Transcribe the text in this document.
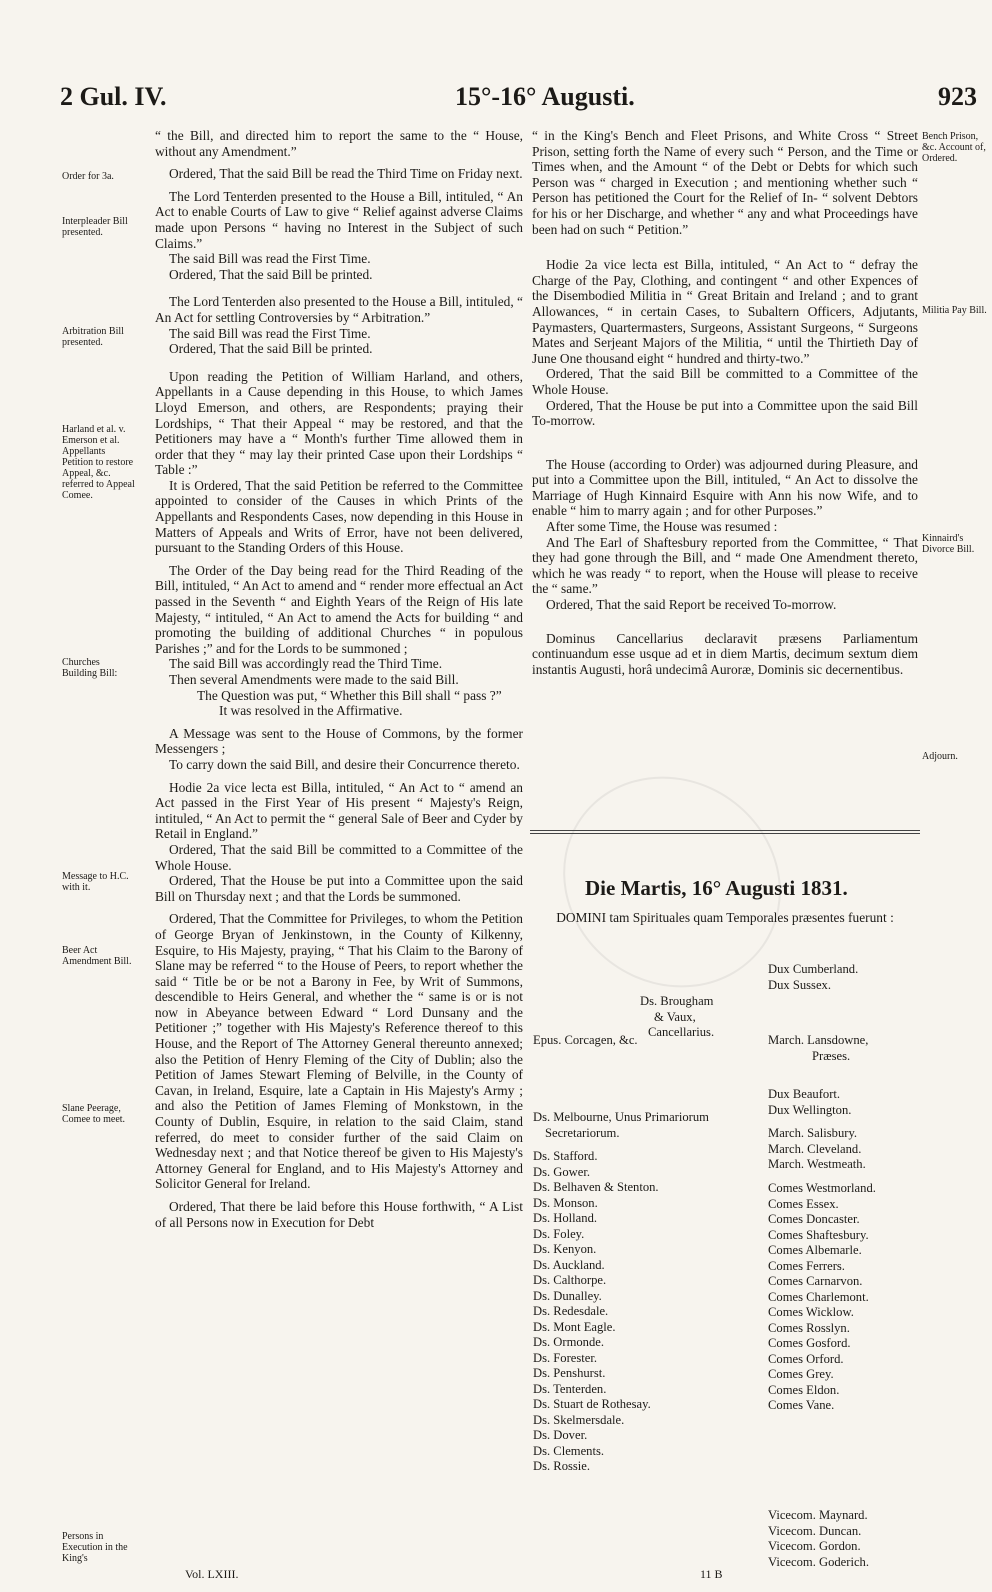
2 Gul. IV.	15°-16° Augusti.	923
Order for 3a.
Interpleader Bill presented.
Arbitration Bill presented.
Harland et al. v. Emerson et al. Appellants Petition to restore Appeal, &c. referred to Appeal Comee.
Churches Building Bill:
Message to H.C. with it.
Beer Act Amendment Bill.
Slane Peerage, Comee to meet.
Persons in Execution in the King's

“ the Bill, and directed him to report the same to the “ House, without any Amendment.”

Ordered, That the said Bill be read the Third Time on Friday next.

The Lord Tenterden presented to the House a Bill, intituled, “ An Act to enable Courts of Law to give “ Relief against adverse Claims made upon Persons “ having no Interest in the Subject of such Claims.”

The said Bill was read the First Time.

Ordered, That the said Bill be printed.

The Lord Tenterden also presented to the House a Bill, intituled, “ An Act for settling Controversies by “ Arbitration.”

The said Bill was read the First Time.

Ordered, That the said Bill be printed.

Upon reading the Petition of William Harland, and others, Appellants in a Cause depending in this House, to which James Lloyd Emerson, and others, are Respondents; praying their Lordships, “ That their Appeal “ may be restored, and that the Petitioners may have a “ Month's further Time allowed them in order that they “ may lay their printed Case upon their Lordships “ Table :”

It is Ordered, That the said Petition be referred to the Committee appointed to consider of the Causes in which Prints of the Appellants and Respondents Cases, now depending in this House in Matters of Appeals and Writs of Error, have not been delivered, pursuant to the Standing Orders of this House.

The Order of the Day being read for the Third Reading of the Bill, intituled, “ An Act to amend and “ render more effectual an Act passed in the Seventh “ and Eighth Years of the Reign of His late Majesty, “ intituled, “ An Act to amend the Acts for building “ and promoting the building of additional Churches “ in populous Parishes ;” and for the Lords to be summoned ;

The said Bill was accordingly read the Third Time.

Then several Amendments were made to the said Bill.

The Question was put, “ Whether this Bill shall “ pass ?”

It was resolved in the Affirmative.

A Message was sent to the House of Commons, by the former Messengers ;

To carry down the said Bill, and desire their Concurrence thereto.

Hodie 2a vice lecta est Billa, intituled, “ An Act to “ amend an Act passed in the First Year of His present “ Majesty's Reign, intituled, “ An Act to permit the “ general Sale of Beer and Cyder by Retail in England.”

Ordered, That the said Bill be committed to a Committee of the Whole House.

Ordered, That the House be put into a Committee upon the said Bill on Thursday next ; and that the Lords be summoned.

Ordered, That the Committee for Privileges, to whom the Petition of George Bryan of Jenkinstown, in the County of Kilkenny, Esquire, to His Majesty, praying, “ That his Claim to the Barony of Slane may be referred “ to the House of Peers, to report whether the said “ Title be or be not a Barony in Fee, by Writ of Summons, descendible to Heirs General, and whether the “ same is or is not now in Abeyance between Edward “ Lord Dunsany and the Petitioner ;” together with His Majesty's Reference thereof to this House, and the Report of The Attorney General thereunto annexed; also the Petition of Henry Fleming of the City of Dublin; also the Petition of James Stewart Fleming of Belville, in the County of Cavan, in Ireland, Esquire, late a Captain in His Majesty's Army ; and also the Petition of James Fleming of Monkstown, in the County of Dublin, Esquire, in relation to the said Claim, stand referred, do meet to consider further of the said Claim on Wednesday next ; and that Notice thereof be given to His Majesty's Attorney General for England, and to His Majesty's Attorney and Solicitor General for Ireland.

Ordered, That there be laid before this House forthwith, “ A List of all Persons now in Execution for Debt

Bench Prison, &c. Account of, Ordered.
Militia Pay Bill.
Kinnaird's Divorce Bill.
Adjourn.

“ in the King's Bench and Fleet Prisons, and White Cross “ Street Prison, setting forth the Name of every such “ Person, and the Time or Times when, and the Amount “ of the Debt or Debts for which such Person was “ charged in Execution ; and mentioning whether such “ Person has petitioned the Court for the Relief of In- “ solvent Debtors for his or her Discharge, and whether “ any and what Proceedings have been had on such “ Petition.”

Hodie 2a vice lecta est Billa, intituled, “ An Act to “ defray the Charge of the Pay, Clothing, and contingent “ and other Expences of the Disembodied Militia in “ Great Britain and Ireland ; and to grant Allowances, “ in certain Cases, to Subaltern Officers, Adjutants, Paymasters, Quartermasters, Surgeons, Assistant Surgeons, “ Surgeons Mates and Serjeant Majors of the Militia, “ until the Thirtieth Day of June One thousand eight “ hundred and thirty-two.”

Ordered, That the said Bill be committed to a Committee of the Whole House.

Ordered, That the House be put into a Committee upon the said Bill To-morrow.

The House (according to Order) was adjourned during Pleasure, and put into a Committee upon the Bill, intituled, “ An Act to dissolve the Marriage of Hugh Kinnaird Esquire with Ann his now Wife, and to enable “ him to marry again ; and for other Purposes.”

After some Time, the House was resumed :

And The Earl of Shaftesbury reported from the Committee, “ That they had gone through the Bill, and “ made One Amendment thereto, which he was ready “ to report, when the House will please to receive the “ same.”

Ordered, That the said Report be received To-morrow.

Dominus Cancellarius declaravit præsens Parliamentum continuandum esse usque ad et in diem Martis, decimum sextum diem instantis Augusti, horâ undecimâ Auroræ, Dominis sic decernentibus.

Die Martis, 16° Augusti 1831.
DOMINI tam Spirituales quam Temporales præsentes fuerunt :
Dux Cumberland.
Dux Sussex.
Ds. Brougham
& Vaux,
Cancellarius.
Epus. Corcagen, &c.	March. Lansdowne,
Præses.
Dux Beaufort.
Dux Wellington.
Ds. Melbourne, Unus Primariorum
Secretariorum.	March. Salisbury.
March. Cleveland.
March. Westmeath.
Ds. Stafford.
Ds. Gower.
Ds. Belhaven & Stenton.
Ds. Monson.
Ds. Holland.
Ds. Foley.
Ds. Kenyon.
Ds. Auckland.
Ds. Calthorpe.
Ds. Dunalley.
Ds. Redesdale.
Ds. Mont Eagle.
Ds. Ormonde.
Ds. Forester.
Ds. Penshurst.
Ds. Tenterden.
Ds. Stuart de Rothesay.
Ds. Skelmersdale.
Ds. Dover.
Ds. Clements.
Ds. Rossie.
Comes Westmorland.
Comes Essex.
Comes Doncaster.
Comes Shaftesbury.
Comes Albemarle.
Comes Ferrers.
Comes Carnarvon.
Comes Charlemont.
Comes Wicklow.
Comes Rosslyn.
Comes Gosford.
Comes Orford.
Comes Grey.
Comes Eldon.
Comes Vane.
Vicecom. Maynard.
Vicecom. Duncan.
Vicecom. Gordon.
Vicecom. Goderich.
Vol. LXIII.	11 B
